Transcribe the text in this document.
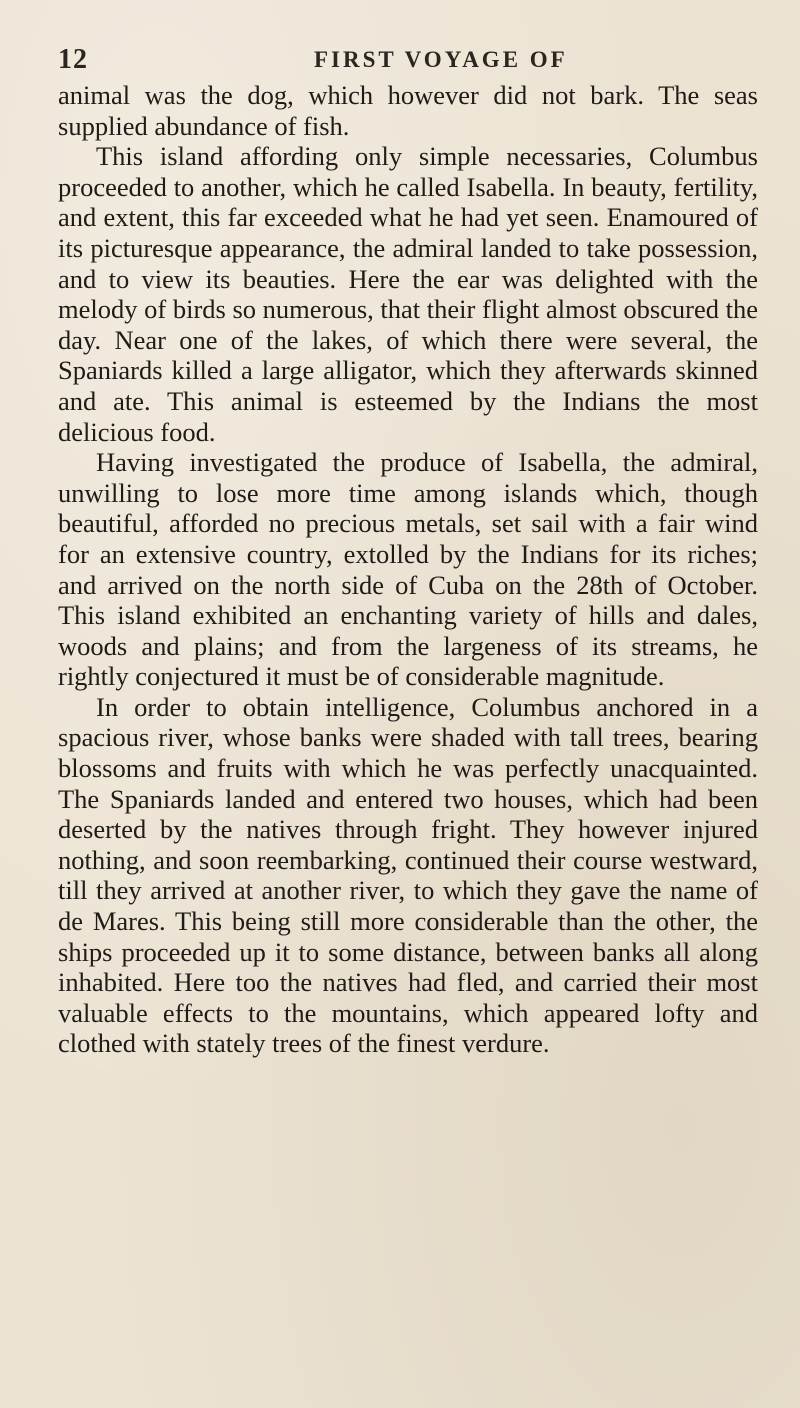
12	FIRST VOYAGE OF

animal was the dog, which however did not bark. The seas supplied abundance of fish.

This island affording only simple necessaries, Columbus proceeded to another, which he called Isabella. In beauty, fertility, and extent, this far exceeded what he had yet seen. Enamoured of its picturesque appearance, the admiral landed to take possession, and to view its beauties. Here the ear was delighted with the melody of birds so numerous, that their flight almost obscured the day. Near one of the lakes, of which there were several, the Spaniards killed a large alligator, which they afterwards skinned and ate. This animal is esteemed by the Indians the most delicious food.

Having investigated the produce of Isabella, the admiral, unwilling to lose more time among islands which, though beautiful, afforded no precious metals, set sail with a fair wind for an extensive country, extolled by the Indians for its riches; and arrived on the north side of Cuba on the 28th of October. This island exhibited an enchanting variety of hills and dales, woods and plains; and from the largeness of its streams, he rightly conjectured it must be of considerable magnitude.

In order to obtain intelligence, Columbus anchored in a spacious river, whose banks were shaded with tall trees, bearing blossoms and fruits with which he was perfectly unacquainted. The Spaniards landed and entered two houses, which had been deserted by the natives through fright. They however injured nothing, and soon reembarking, continued their course westward, till they arrived at another river, to which they gave the name of de Mares. This being still more considerable than the other, the ships proceeded up it to some distance, between banks all along inhabited. Here too the natives had fled, and carried their most valuable effects to the mountains, which appeared lofty and clothed with stately trees of the finest verdure.
